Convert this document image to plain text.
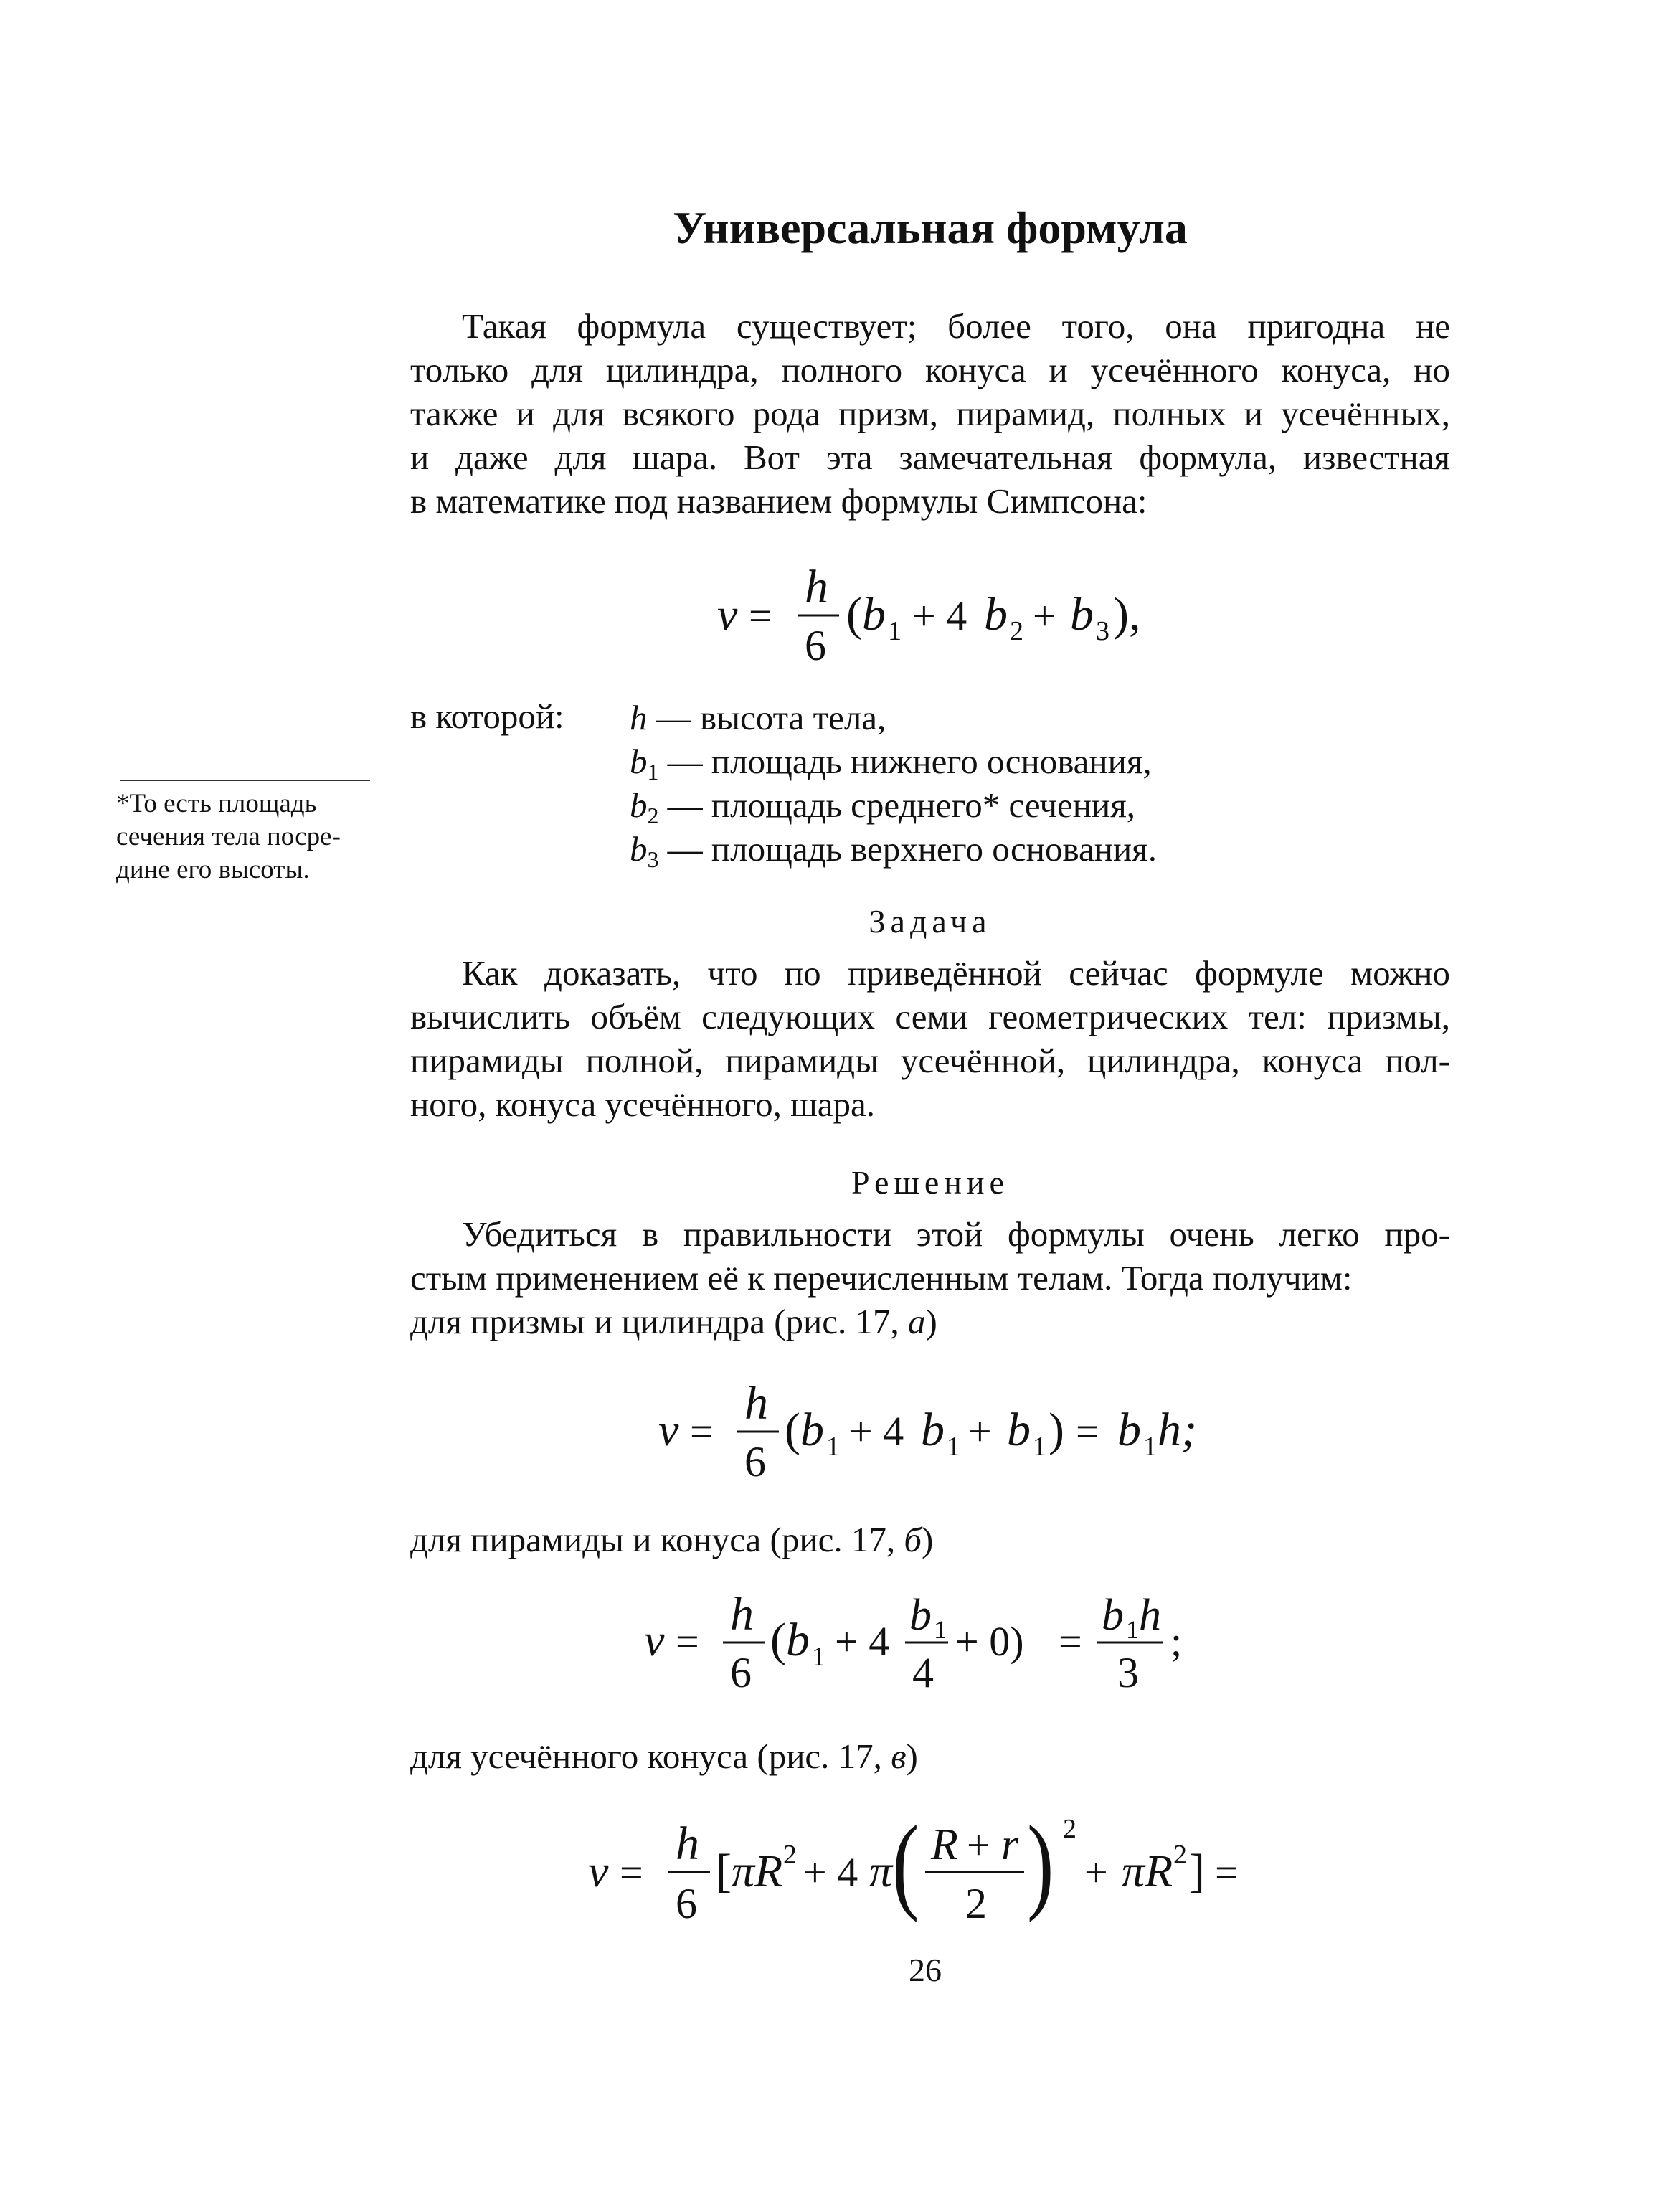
Универсальная формула
Такая формула существует; более того, она пригодна не
только для цилиндра, полного конуса и усечённого конуса, но
также и для всякого рода призм, пирамид, полных и усечённых,
и даже для шара. Вот эта замечательная формула, известная
в математике под названием формулы Симпсона:
v =
h
6
( b 1 + 4 b 2 + b 3 ),
в которой: h — высота тела,
$b_1$ — площадь нижнего основания,
$b_2$ — площадь среднего* сечения,
$b_3$ — площадь верхнего основания.
*То есть площадь
сечения тела посре-
дине его высоты.
Задача
Как доказать, что по приведённой сейчас формуле можно
вычислить объём следующих семи геометрических тел: призмы,
пирамиды полной, пирамиды усечённой, цилиндра, конуса пол-
ного, конуса усечённого, шара.
Решение
Убедиться в правильности этой формулы очень легко про-
стым применением её к перечисленным телам. Тогда получим:
для призмы и цилиндра (рис. 17, а)
v =
h
6
( b 1 + 4 b 1 + b 1 ) = b 1 h;
для пирамиды и конуса (рис. 17, б)
v =
h
6
( b 1 + 4
b 1
4
+ 0) =
b 1 h
3
;
для усечённого конуса (рис. 17, в)
v =
h
6
[ πR 2 + 4 π ( R + r
2 ) 2
+ πR 2 ] =
26
